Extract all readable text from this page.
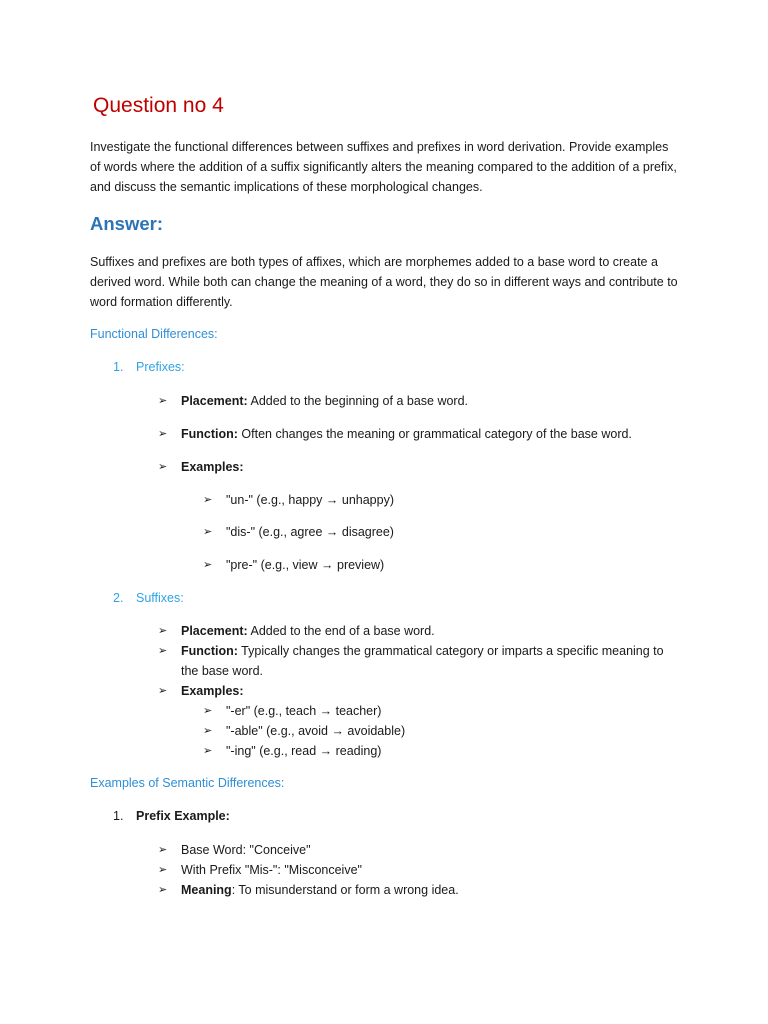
Question no 4
Investigate the functional differences between suffixes and prefixes in word derivation. Provide examples of words where the addition of a suffix significantly alters the meaning compared to the addition of a prefix, and discuss the semantic implications of these morphological changes.
Answer:
Suffixes and prefixes are both types of affixes, which are morphemes added to a base word to create a derived word. While both can change the meaning of a word, they do so in different ways and contribute to word formation differently.
Functional Differences:
1. Prefixes:
➢ Placement: Added to the beginning of a base word.
➢ Function: Often changes the meaning or grammatical category of the base word.
➢ Examples:
➢ "un-" (e.g., happy → unhappy)
➢ "dis-" (e.g., agree → disagree)
➢ "pre-" (e.g., view → preview)
2. Suffixes:
➢ Placement: Added to the end of a base word.
➢ Function: Typically changes the grammatical category or imparts a specific meaning to the base word.
➢ Examples:
➢ "-er" (e.g., teach → teacher)
➢ "-able" (e.g., avoid → avoidable)
➢ "-ing" (e.g., read → reading)
Examples of Semantic Differences:
1. Prefix Example:
➢ Base Word: "Conceive"
➢ With Prefix "Mis-": "Misconceive"
➢ Meaning: To misunderstand or form a wrong idea.
